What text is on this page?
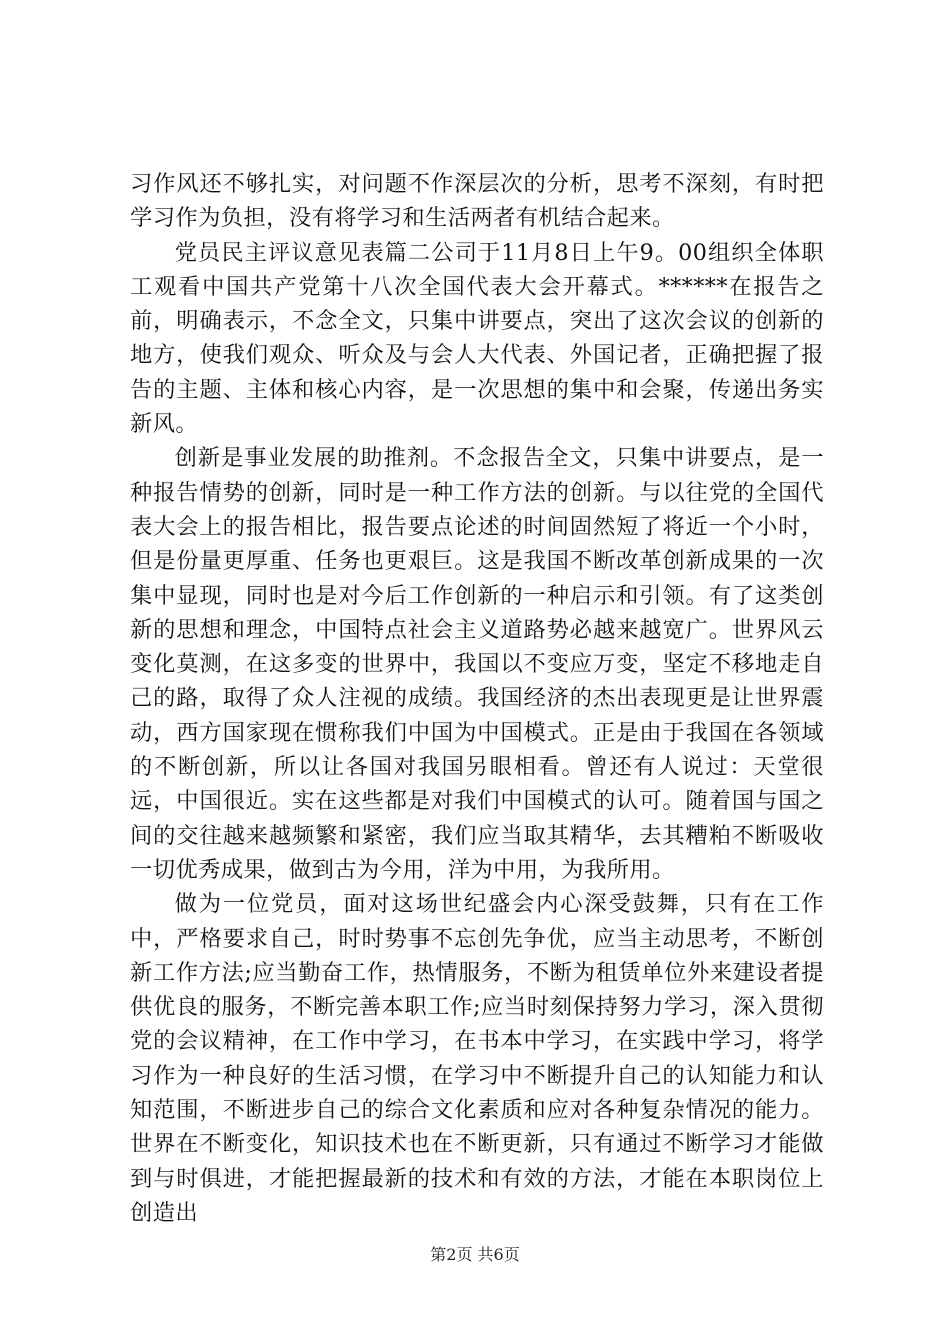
习作风还不够扎实，对问题不作深层次的分析，思考不深刻，有时把学习作为负担，没有将学习和生活两者有机结合起来。

党员民主评议意见表篇二公司于11月8日上午9。00组织全体职工观看中国共产党第十八次全国代表大会开幕式。******在报告之前，明确表示，不念全文，只集中讲要点，突出了这次会议的创新的地方，使我们观众、听众及与会人大代表、外国记者，正确把握了报告的主题、主体和核心内容，是一次思想的集中和会聚，传递出务实新风。

创新是事业发展的助推剂。不念报告全文，只集中讲要点，是一种报告情势的创新，同时是一种工作方法的创新。与以往党的全国代表大会上的报告相比，报告要点论述的时间固然短了将近一个小时，但是份量更厚重、任务也更艰巨。这是我国不断改革创新成果的一次集中显现，同时也是对今后工作创新的一种启示和引领。有了这类创新的思想和理念，中国特点社会主义道路势必越来越宽广。世界风云变化莫测，在这多变的世界中，我国以不变应万变，坚定不移地走自己的路，取得了众人注视的成绩。我国经济的杰出表现更是让世界震动，西方国家现在惯称我们中国为中国模式。正是由于我国在各领域的不断创新，所以让各国对我国另眼相看。曾还有人说过：天堂很远，中国很近。实在这些都是对我们中国模式的认可。随着国与国之间的交往越来越频繁和紧密，我们应当取其精华，去其糟粕不断吸收一切优秀成果，做到古为今用，洋为中用，为我所用。

做为一位党员，面对这场世纪盛会内心深受鼓舞，只有在工作中，严格要求自己，时时势事不忘创先争优，应当主动思考，不断创新工作方法;应当勤奋工作，热情服务，不断为租赁单位外来建设者提供优良的服务，不断完善本职工作;应当时刻保持努力学习，深入贯彻党的会议精神，在工作中学习，在书本中学习，在实践中学习，将学习作为一种良好的生活习惯，在学习中不断提升自己的认知能力和认知范围，不断进步自己的综合文化素质和应对各种复杂情况的能力。世界在不断变化，知识技术也在不断更新，只有通过不断学习才能做到与时俱进，才能把握最新的技术和有效的方法，才能在本职岗位上创造出

第2页 共6页
